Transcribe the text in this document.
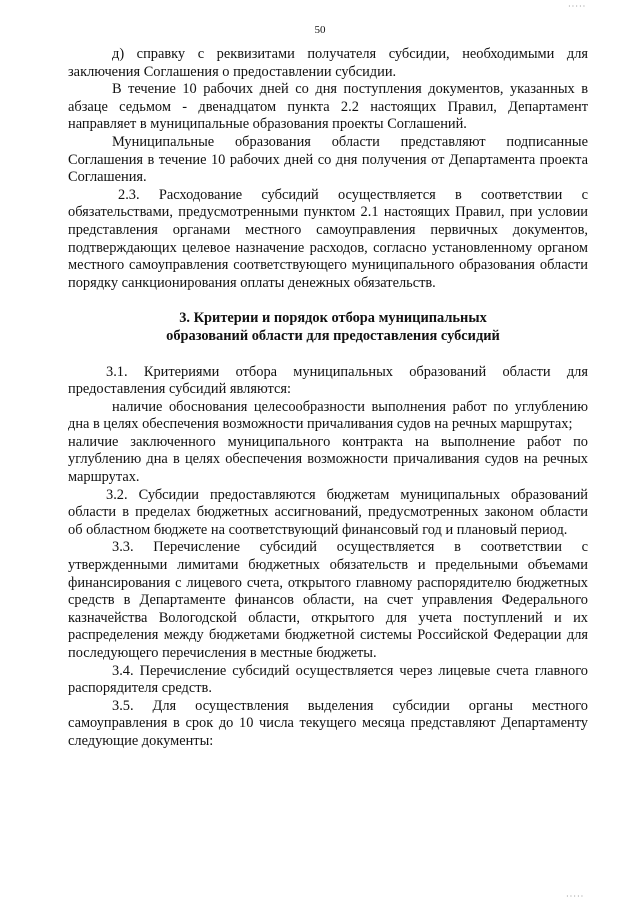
·····
50

д) справку с реквизитами получателя субсидии, необходимыми для заключения Соглашения о предоставлении субсидии.

В течение 10 рабочих дней со дня поступления документов, указанных в абзаце седьмом - двенадцатом пункта 2.2 настоящих Правил, Департамент направляет в муниципальные образования проекты Соглашений.

Муниципальные образования области представляют подписанные Соглашения в течение 10 рабочих дней со дня получения от Департамента проекта Соглашения.

2.3. Расходование субсидий осуществляется в соответствии с обязательствами, предусмотренными пунктом 2.1 настоящих Правил, при условии представления органами местного самоуправления первичных документов, подтверждающих целевое назначение расходов, согласно установленному органом местного самоуправления соответствующего муниципального образования области порядку санкционирования оплаты денежных обязательств.

3. Критерии и порядок отбора муниципальных
образований области для предоставления субсидий

3.1. Критериями отбора муниципальных образований области для предоставления субсидий являются:

наличие обоснования целесообразности выполнения работ по углублению дна в целях обеспечения возможности причаливания судов на речных маршрутах;

наличие заключенного муниципального контракта на выполнение работ по углублению дна в целях обеспечения возможности причаливания судов на речных маршрутах.

3.2. Субсидии предоставляются бюджетам муниципальных образований области в пределах бюджетных ассигнований, предусмотренных законом области об областном бюджете на соответствующий финансовый год и плановый период.

3.3. Перечисление субсидий осуществляется в соответствии с утвержденными лимитами бюджетных обязательств и предельными объемами финансирования с лицевого счета, открытого главному распорядителю бюджетных средств в Департаменте финансов области, на счет управления Федерального казначейства Вологодской области, открытого для учета поступлений и их распределения между бюджетами бюджетной системы Российской Федерации для последующего перечисления в местные бюджеты.

3.4. Перечисление субсидий осуществляется через лицевые счета главного распорядителя средств.

3.5. Для осуществления выделения субсидии органы местного самоуправления в срок до 10 числа текущего месяца представляют Департаменту следующие документы:

·····
